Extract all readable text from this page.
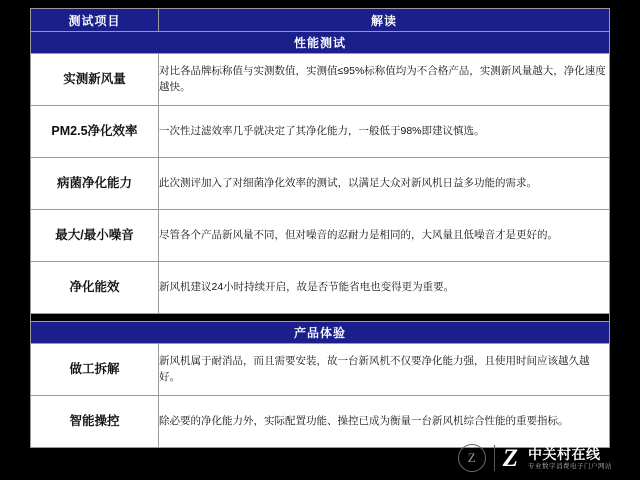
测试项目	解读
性能测试	
实测新风量	对比各品牌标称值与实测数值，实测值≤95%标称值均为不合格产品，实测新风量越大，净化速度越快。
PM2.5净化效率	一次性过滤效率几乎就决定了其净化能力，一般低于98%即建议慎选。
病菌净化能力	此次测评加入了对细菌净化效率的测试，以满足大众对新风机日益多功能的需求。
最大/最小噪音	尽管各个产品新风量不同，但对噪音的忍耐力是相同的，大风量且低噪音才是更好的。
净化能效	新风机建议24小时持续开启，故是否节能省电也变得更为重要。

产品体验	
做工拆解	新风机属于耐消品，而且需要安装，故一台新风机不仅要净化能力强，且使用时间应该越久越好。
智能操控	除必要的净化能力外，实际配置功能、操控已成为衡量一台新风机综合性能的重要指标。
Z	Z 中关村在线
专业数字消费电子门户网站
